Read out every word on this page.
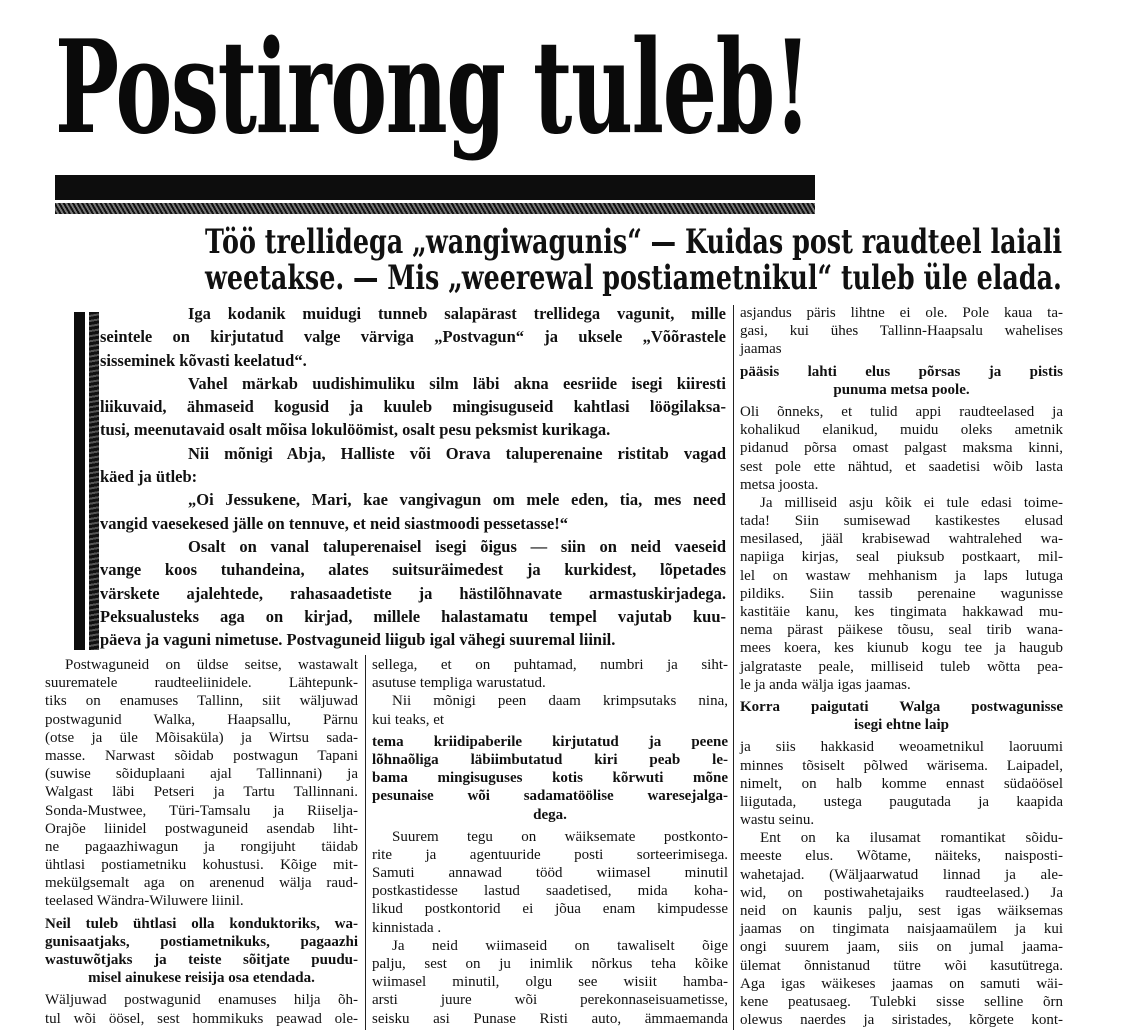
Postirong tuleb!
Töö trellidega „wangiwagunis“ — Kuidas post raudteel laiali
weetakse. — Mis „weerewal postiametnikul“ tuleb üle elada.
Iga kodanik muidugi tunneb salapärast trellidega vagunit, mille
seintele on kirjutatud valge värviga „Postvagun“ ja uksele „Võõrastele
sisseminek kõvasti keelatud“.
Vahel märkab uudishimuliku silm läbi akna eesriide isegi kiiresti
liikuvaid, ähmaseid kogusid ja kuuleb mingisuguseid kahtlasi löögilaksa-
tusi, meenutavaid osalt mõisa lokulöömist, osalt pesu peksmist kurikaga.
Nii mõnigi Abja, Halliste või Orava taluperenaine ristitab vagad
käed ja ütleb:
„Oi Jessukene, Mari, kae vangivagun om mele eden, tia, mes need
vangid vaesekesed jälle on tennuve, et neid siastmoodi pessetasse!“
Osalt on vanal taluperenaisel isegi õigus — siin on neid vaeseid
vange koos tuhandeina, alates suitsuräimedest ja kurkidest, lõpetades
värskete ajalehtede, rahasaadetiste ja hästilõhnavate armastuskirjadega.
Peksualusteks aga on kirjad, millele halastamatu tempel vajutab kuu-
päeva ja vaguni nimetuse. Postvaguneid liigub igal vähegi suuremal liinil.
Postwaguneid on üldse seitse, wastawalt
suurematele raudteeliinidele. Lähtepunk-
tiks on enamuses Tallinn, siit wäljuwad
postwagunid Walka, Haapsallu, Pärnu
(otse ja üle Mõisaküla) ja Wirtsu sada-
masse. Narwast sõidab postwagun Tapani
(suwise sõiduplaani ajal Tallinnani) ja
Walgast läbi Petseri ja Tartu Tallinnani.
Sonda-Mustwee, Türi-Tamsalu ja Riiselja-
Orajõe liinidel postwaguneid asendab liht-
ne pagaazhiwagun ja rongijuht täidab
ühtlasi postiametniku kohustusi. Kõige mit-
mekülgsemalt aga on arenenud wälja raud-
teelased Wändra-Wiluwere liinil.
Neil tuleb ühtlasi olla konduktoriks, wa-
gunisaatjaks, postiametnikuks, pagaazhi
wastuwõtjaks ja teiste sõitjate puudu-
misel ainukese reisija osa etendada.
Wäljuwad postwagunid enamuses hilja õh-
tul wõi öösel, sest hommikuks peawad ole-
sellega, et on puhtamad, numbri ja siht-
asutuse templiga warustatud.
Nii mõnigi peen daam krimpsutaks nina,
kui teaks, et
tema kriidipaberile kirjutatud ja peene
lõhnaõliga läbiimbutatud kiri peab le-
bama mingisuguses kotis kõrwuti mõne
pesunaise wõi sadamatöölise waresejalga-
dega.
Suurem tegu on wäiksemate postkonto-
rite ja agentuuride posti sorteerimisega.
Samuti annawad tööd wiimasel minutil
postkastidesse lastud saadetised, mida koha-
likud postkontorid ei jõua enam kimpudesse
kinnistada .
Ja neid wiimaseid on tawaliselt õige
palju, sest on ju inimlik nõrkus teha kõike
wiimasel minutil, olgu see wisiit hamba-
arsti juure wõi perekonnaseisuametisse,
seisku asi Punase Risti auto, ämmaemanda
asjandus päris lihtne ei ole. Pole kaua ta-
gasi, kui ühes Tallinn-Haapsalu wahelises
jaamas
pääsis lahti elus põrsas ja pistis
punuma metsa poole.
Oli õnneks, et tulid appi raudteelased ja
kohalikud elanikud, muidu oleks ametnik
pidanud põrsa omast palgast maksma kinni,
sest pole ette nähtud, et saadetisi wõib lasta
metsa joosta.
Ja milliseid asju kõik ei tule edasi toime-
tada! Siin sumisewad kastikestes elusad
mesilased, jääl krabisewad wahtralehed wa-
napiiga kirjas, seal piuksub postkaart, mil-
lel on wastaw mehhanism ja laps lutuga
pildiks. Siin tassib perenaine wagunisse
kastitäie kanu, kes tingimata hakkawad mu-
nema pärast päikese tõusu, seal tirib wana-
mees koera, kes kiunub kogu tee ja haugub
jalgrataste peale, milliseid tuleb wõtta pea-
le ja anda wälja igas jaamas.
Korra paigutati Walga postwagunisse
isegi ehtne laip
ja siis hakkasid weoametnikul laoruumi
minnes tõsiselt põlwed wärisema. Laipadel,
nimelt, on halb komme ennast südaöösel
liigutada, ustega paugutada ja kaapida
wastu seinu.
Ent on ka ilusamat romantikat sõidu-
meeste elus. Wõtame, näiteks, naisposti-
wahetajad. (Wäljaarwatud linnad ja ale-
wid, on postiwahetajaiks raudteelased.) Ja
neid on kaunis palju, sest igas wäiksemas
jaamas on tingimata naisjaamaülem ja kui
ongi suurem jaam, siis on jumal jaama-
ülemat õnnistanud tütre wõi kasutütrega.
Aga igas wäikeses jaamas on samuti wäi-
kene peatusaeg. Tulebki sisse selline õrn
olewus naerdes ja siristades, kõrgete kont-
